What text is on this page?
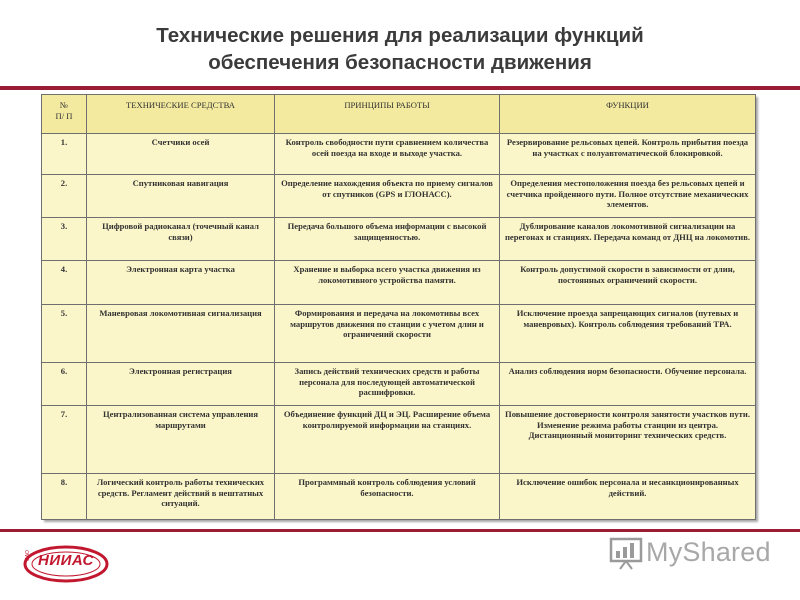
Технические решения для реализации функций
обеспечения безопасности движения
№
П/ П	ТЕХНИЧЕСКИЕ СРЕДСТВА	ПРИНЦИПЫ РАБОТЫ	ФУНКЦИИ
1.	Счетчики осей	Контроль свободности пути сравнением количества осей поезда на входе и выходе участка.	Резервирование рельсовых цепей. Контроль прибытия поезда на участках с полуавтоматической блокировкой.
2.	Спутниковая навигация	Определение нахождения объекта по приему сигналов от спутников (GPS и ГЛОНАСС).	Определения местоположения поезда без рельсовых цепей и счетчика пройденного пути. Полное отсутствие механических элементов.
3.	Цифровой радиоканал (точечный канал связи)	Передача большого объема информации с высокой защищенностью.	Дублирование каналов локомотивной сигнализации на перегонах и станциях. Передача команд от ДНЦ на локомотив.
4.	Электронная карта участка	Хранение и выборка всего участка движения из локомотивного устройства памяти.	Контроль допустимой скорости в зависимости от длин, постоянных ограничений скорости.
5.	Маневровая локомотивная сигнализация	Формирования и передача на локомотивы всех маршрутов движения по станции с учетом длин и ограничений скорости	Исключение проезда запрещающих сигналов (путевых и маневровых). Контроль соблюдения требований ТРА.
6.	Электронная регистрация	Запись действий технических средств и работы персонала для последующей автоматической расшифровки.	Анализ соблюдения норм безопасности. Обучение персонала.
7.	Централизованная система управления маршрутами	Объединение функций ДЦ и ЭЦ. Расширение объема контролируемой информации на станциях.	Повышение достоверности контроля занятости участков пути. Изменение режима работы станции из центра. Дистанционный мониторинг технических средств.
8.	Логический контроль работы технических средств. Регламент действий в нештатных ситуаций.	Программный контроль соблюдения условий безопасности.	Исключение ошибок персонала и несанкционированных действий.
НИИАС
ОАО	MyShared
